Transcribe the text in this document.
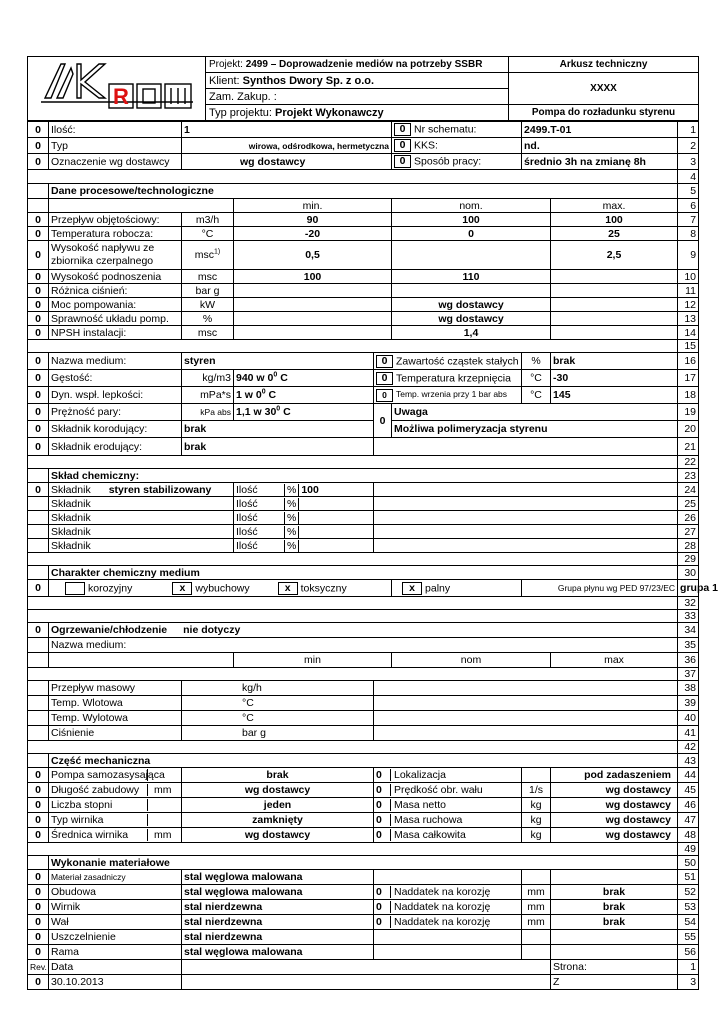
R	Projekt: 2499 – Doprowadzenie mediów na potrzeby SSBR	Arkusz techniczny
	Klient: Synthos Dwory Sp. z o.o.	XXXX
	Zam. Zakup. :	
	Typ projektu: Projekt Wykonawczy	Pompa do rozładunku styrenu
0	Ilość:	1			0 Nr schematu:	2499.T-01		1	
0	Typ	wirowa, odśrodkowa, hermetyczna			0 KKS:	nd.		2	
0	Oznaczenie wg dostawcy	wg dostawcy			0 Sposób pracy:	średnio 3h na zmianę 8h		3	
								4	
	Dane procesowe/technologiczne							5	
			min.		nom.		max.	6	
0	Przepływ objętościowy:	m3/h	90		100		100	7	
0	Temperatura robocza:	°C	-20		0		25	8	
0	Wysokość napływu ze zbiornika czerpalnego	msc$^{1)}$	0,5				2,5	9	
0	Wysokość podnoszenia	msc	100		110			10	
0	Różnica ciśnień:	bar g						11	
0	Moc pompowania:	kW			wg dostawcy			12	
0	Sprawność układu pomp.	%			wg dostawcy			13	
0	NPSH instalacji:	msc			1,4			14	
								15	
0	Nazwa medium:	styren		0 Zawartość cząstek stałych		%	brak	16	
0	Gęstość:	kg/m3	940 w $0^0$ C	0 Temperatura krzepnięcia		°C	-30	17	
0	Dyn. wspł. lepkości:	mPa*s	1 w $0^0$ C	0 Temp. wrzenia przy 1 bar abs		°C	145	18	
0	Prężność pary:	kPa abs	1,1 w $30^0$ C	0	Uwaga			19	
0	Składnik korodujący:	brak			Możliwa polimeryzacja styrenu			20	
0	Składnik erodujący:	brak						21	
								22	
	Skład chemiczny:							23	
0	Składnik styren stabilizowany		Ilość % 100					24	
	Składnik		Ilość %					25	
	Składnik		Ilość %					26	
	Składnik		Ilość %					27	
	Składnik		Ilość %					28	
								29	
	Charakter chemiczny medium							30	
0	korozyjny x wybuchowy x toksyczny				x palny	Grupa płynu wg PED 97/23/EC		grupa 1	
								32	
								33	
0	Ogrzewanie/chłodzenie nie dotyczy							34	
	Nazwa medium:							35	
			min		nom		max	36	
								37	
	Przepływ masowy	kg/h						38	
	Temp. Wlotowa	°C						39	
	Temp. Wylotowa	°C						40	
	Ciśnienie	bar g						41	
								42	
	Część mechaniczna							43	
0	Pompa samozasysająca	brak		0 Lokalizacja			pod zadaszeniem	44	
0	Długość zabudowy mm	wg dostawcy		0 Prędkość obr. wału		1/s	wg dostawcy	45	
0	Liczba stopni	jeden		0 Masa netto		kg	wg dostawcy	46	
0	Typ wirnika	zamknięty		0 Masa ruchowa		kg	wg dostawcy	47	
0	Średnica wirnika mm	wg dostawcy		0 Masa całkowita		kg	wg dostawcy	48	
								49	
	Wykonanie materiałowe							50	
0	Materiał zasadniczy	stal węglowa malowana						51	
0	Obudowa	stal węglowa malowana		0 Naddatek na korozję		mm	brak	52	
0	Wirnik	stal nierdzewna		0 Naddatek na korozję		mm	brak	53	
0	Wał	stal nierdzewna		0 Naddatek na korozję		mm	brak	54	
0	Uszczelnienie	stal nierdzewna						55	
0	Rama	stal węglowa malowana						56	
Rev.	Data						Strona:	1	
0	30.10.2013						Z	3	
